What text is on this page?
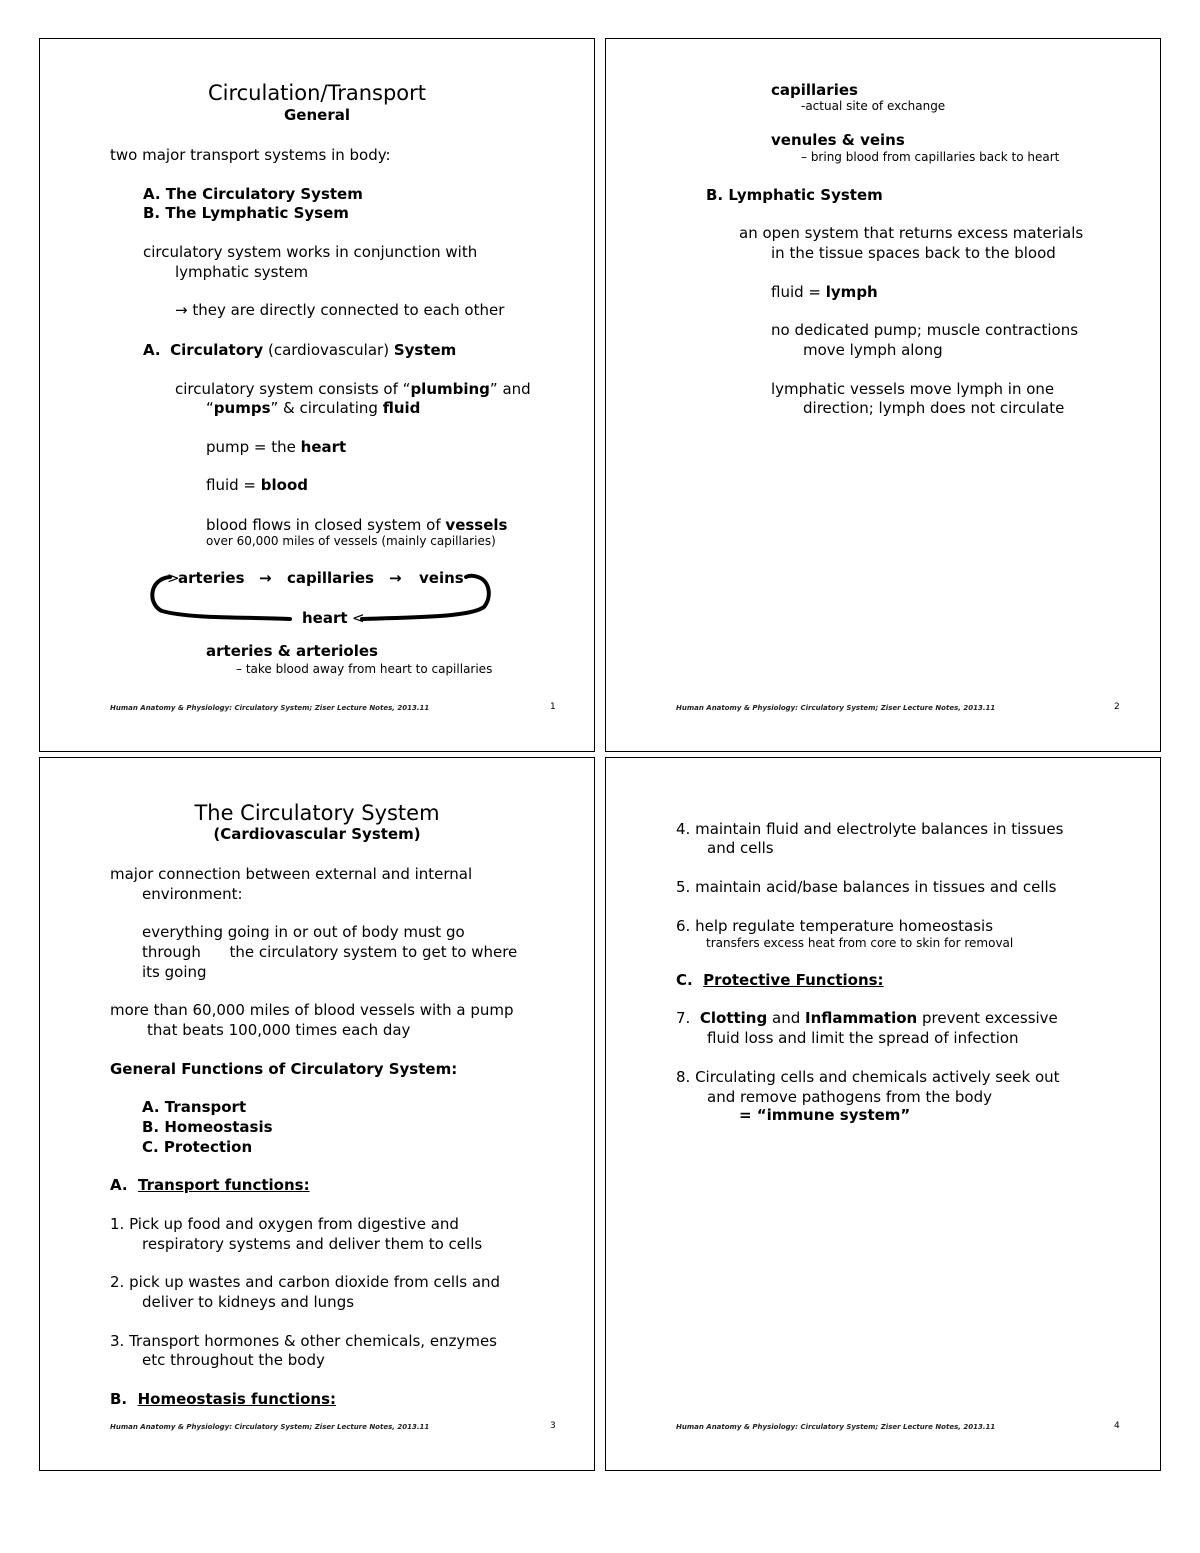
Circulation/Transport
General
two major transport systems in body:
A. The Circulatory System
B. The Lymphatic Sysem
circulatory system works in conjunction with
lymphatic system
→ they are directly connected to each other
A. Circulatory (cardiovascular) System
circulatory system consists of “plumbing” and
“pumps” & circulating fluid
pump = the heart
fluid = blood
blood flows in closed system of vessels
over 60,000 miles of vessels (mainly capillaries)
>
arteries → capillaries → veins
heart <
arteries & arterioles
– take blood away from heart to capillaries
Human Anatomy & Physiology: Circulatory System; Ziser Lecture Notes, 2013.11	1
capillaries
-actual site of exchange
venules & veins
– bring blood from capillaries back to heart
B. Lymphatic System
an open system that returns excess materials
in the tissue spaces back to the blood
fluid = lymph
no dedicated pump; muscle contractions
move lymph along
lymphatic vessels move lymph in one
direction; lymph does not circulate
Human Anatomy & Physiology: Circulatory System; Ziser Lecture Notes, 2013.11	2
The Circulatory System
(Cardiovascular System)
major connection between external and internal
environment:
everything going in or out of body must go
through      the circulatory system to get to where
its going
more than 60,000 miles of blood vessels with a pump
that beats 100,000 times each day
General Functions of Circulatory System:
A. Transport
B. Homeostasis
C. Protection
A. Transport functions:
1. Pick up food and oxygen from digestive and
respiratory systems and deliver them to cells
2. pick up wastes and carbon dioxide from cells and
deliver to kidneys and lungs
3. Transport hormones & other chemicals, enzymes
etc throughout the body
B. Homeostasis functions:
Human Anatomy & Physiology: Circulatory System; Ziser Lecture Notes, 2013.11	3
4. maintain fluid and electrolyte balances in tissues
and cells
5. maintain acid/base balances in tissues and cells
6. help regulate temperature homeostasis
transfers excess heat from core to skin for removal
C. Protective Functions:
7. Clotting and Inflammation prevent excessive
fluid loss and limit the spread of infection
8. Circulating cells and chemicals actively seek out
and remove pathogens from the body
= “immune system”
Human Anatomy & Physiology: Circulatory System; Ziser Lecture Notes, 2013.11	4
